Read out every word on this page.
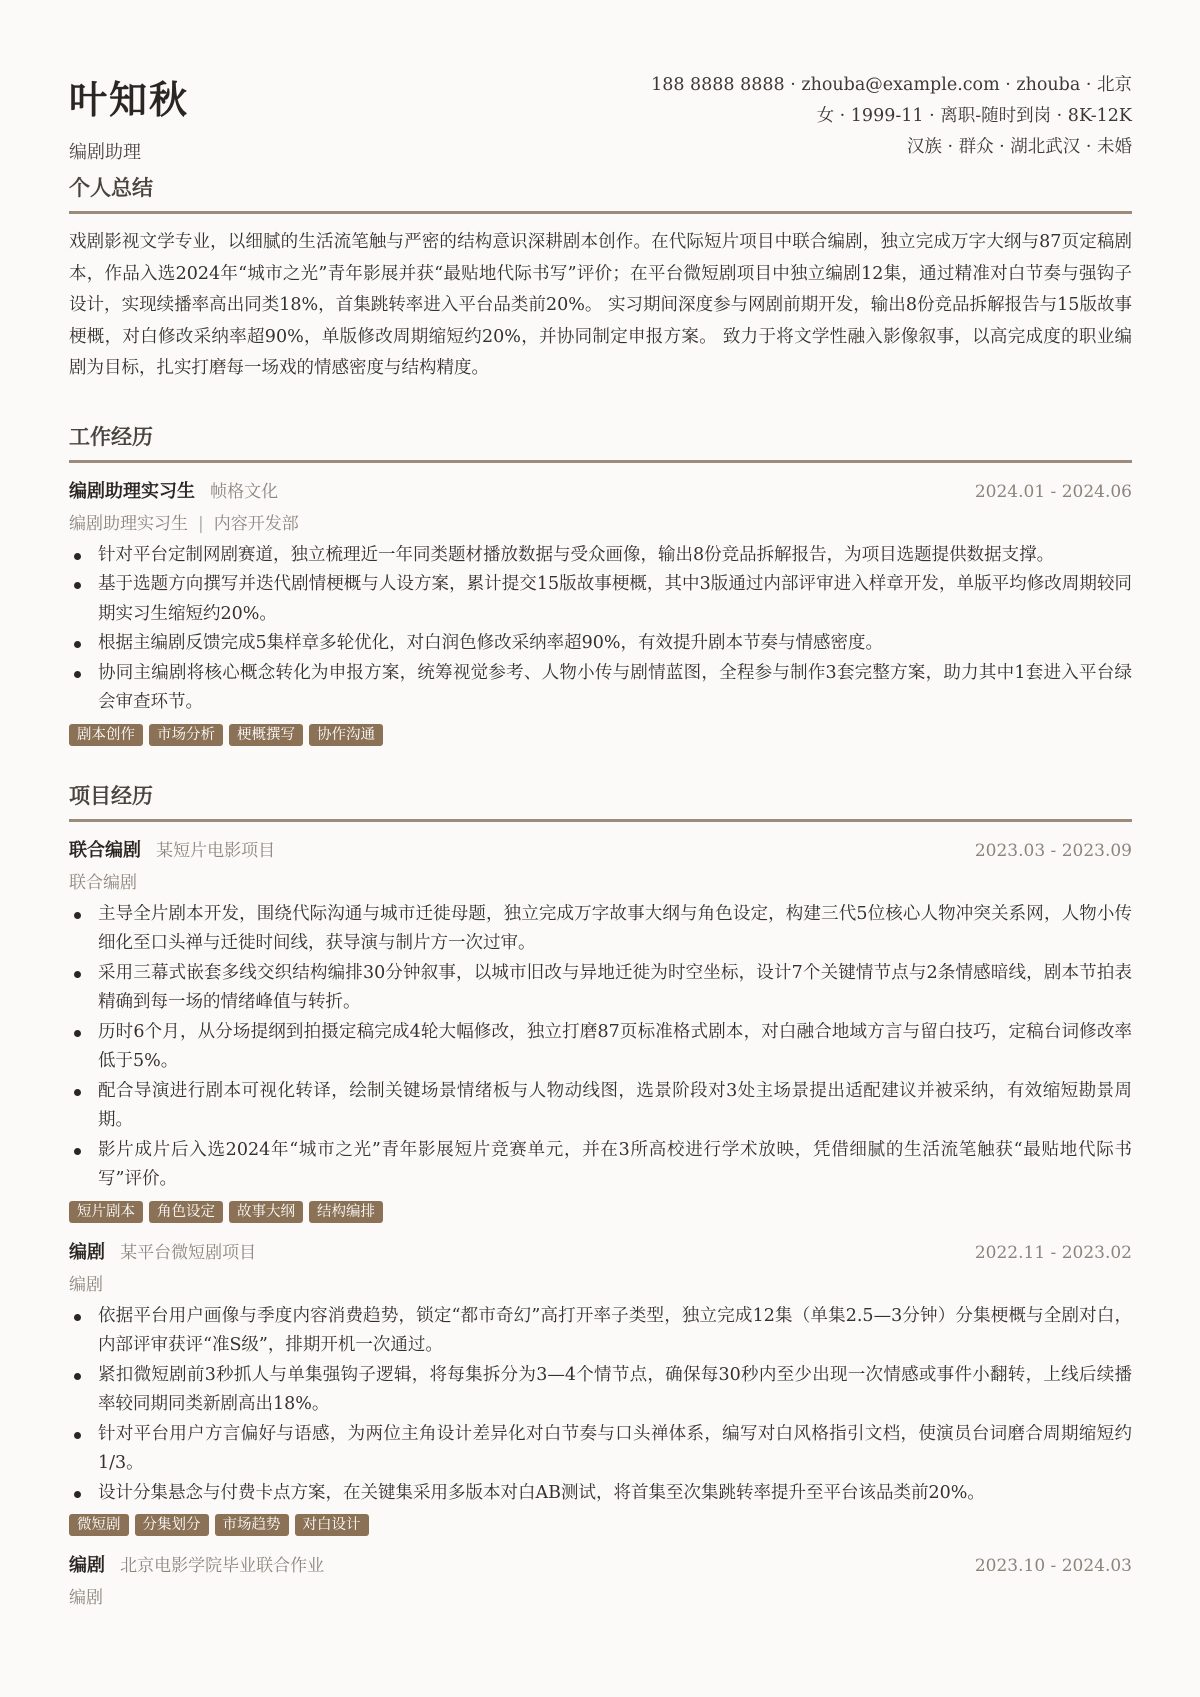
叶知秋
编剧助理
188 8888 8888 · zhouba@example.com · zhouba · 北京
女 · 1999-11 · 离职-随时到岗 · 8K-12K
汉族 · 群众 · 湖北武汉 · 未婚
个人总结
戏剧影视文学专业，以细腻的生活流笔触与严密的结构意识深耕剧本创作。在代际短片项目中联合编剧，独立完成万字大纲与87页定稿剧本，作品入选2024年“城市之光”青年影展并获“最贴地代际书写”评价；在平台微短剧项目中独立编剧12集，通过精准对白节奏与强钩子设计，实现续播率高出同类18%，首集跳转率进入平台品类前20%。 实习期间深度参与网剧前期开发，输出8份竞品拆解报告与15版故事梗概，对白修改采纳率超90%，单版修改周期缩短约20%，并协同制定申报方案。 致力于将文学性融入影像叙事，以高完成度的职业编剧为目标，扎实打磨每一场戏的情感密度与结构精度。
工作经历
编剧助理实习生 帧格文化	2024.01 - 2024.06
编剧助理实习生 | 内容开发部
针对平台定制网剧赛道，独立梳理近一年同类题材播放数据与受众画像，输出8份竞品拆解报告，为项目选题提供数据支撑。
基于选题方向撰写并迭代剧情梗概与人设方案，累计提交15版故事梗概，其中3版通过内部评审进入样章开发，单版平均修改周期较同期实习生缩短约20%。
根据主编剧反馈完成5集样章多轮优化，对白润色修改采纳率超90%，有效提升剧本节奏与情感密度。
协同主编剧将核心概念转化为申报方案，统筹视觉参考、人物小传与剧情蓝图，全程参与制作3套完整方案，助力其中1套进入平台绿会审查环节。
剧本创作	市场分析	梗概撰写	协作沟通
项目经历
联合编剧 某短片电影项目	2023.03 - 2023.09
联合编剧
主导全片剧本开发，围绕代际沟通与城市迁徙母题，独立完成万字故事大纲与角色设定，构建三代5位核心人物冲突关系网，人物小传细化至口头禅与迁徙时间线，获导演与制片方一次过审。
采用三幕式嵌套多线交织结构编排30分钟叙事，以城市旧改与异地迁徙为时空坐标，设计7个关键情节点与2条情感暗线，剧本节拍表精确到每一场的情绪峰值与转折。
历时6个月，从分场提纲到拍摄定稿完成4轮大幅修改，独立打磨87页标准格式剧本，对白融合地域方言与留白技巧，定稿台词修改率低于5%。
配合导演进行剧本可视化转译，绘制关键场景情绪板与人物动线图，选景阶段对3处主场景提出适配建议并被采纳，有效缩短勘景周期。
影片成片后入选2024年“城市之光”青年影展短片竞赛单元，并在3所高校进行学术放映，凭借细腻的生活流笔触获“最贴地代际书写”评价。
短片剧本	角色设定	故事大纲	结构编排
编剧 某平台微短剧项目	2022.11 - 2023.02
编剧
依据平台用户画像与季度内容消费趋势，锁定“都市奇幻”高打开率子类型，独立完成12集（单集2.5—3分钟）分集梗概与全剧对白，内部评审获评“准S级”，排期开机一次通过。
紧扣微短剧前3秒抓人与单集强钩子逻辑，将每集拆分为3—4个情节点，确保每30秒内至少出现一次情感或事件小翻转，上线后续播率较同期同类新剧高出18%。
针对平台用户方言偏好与语感，为两位主角设计差异化对白节奏与口头禅体系，编写对白风格指引文档，使演员台词磨合周期缩短约1/3。
设计分集悬念与付费卡点方案，在关键集采用多版本对白AB测试，将首集至次集跳转率提升至平台该品类前20%。
微短剧	分集划分	市场趋势	对白设计
编剧 北京电影学院毕业联合作业	2023.10 - 2024.03
编剧
